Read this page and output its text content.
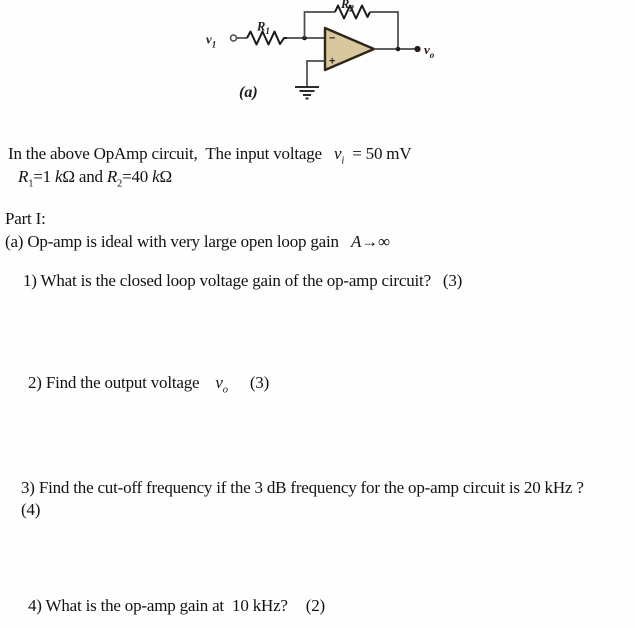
−
+
$v_1$
$R_1$
$R_2$
$v_o$
(a)
In the above OpAmp circuit,  The input voltage   $v_i = 50$ mV
$R_1=1$ kΩ and $R_2=40$ kΩ
Part I:
(a) Op-amp is ideal with very large open loop gain   A→∞
1) What is the closed loop voltage gain of the op-amp circuit? (3)
2) Find the output voltage $v_o$ (3)
3) Find the cut-off frequency if the 3 dB frequency for the op-amp circuit is 20 kHz ?
(4)
4) What is the op-amp gain at  10 kHz? (2)
